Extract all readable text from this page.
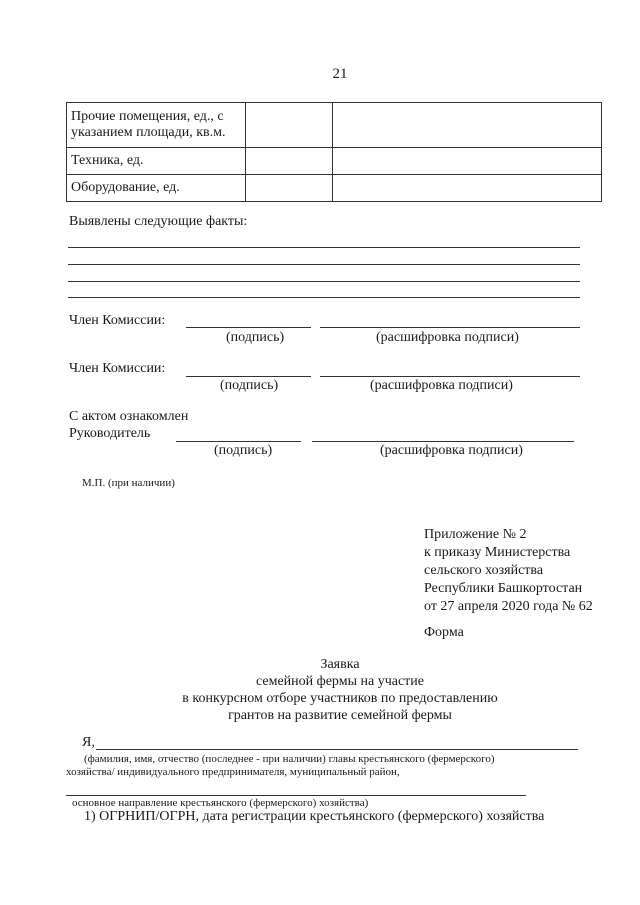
21
Прочие помещения, ед., с
указанием площади, кв.м.		

Техника, ед.		
Оборудование, ед.		
Выявлены следующие факты:
Член Комиссии:
(подпись)	(расшифровка подписи)
Член Комиссии:
(подпись)	(расшифровка подписи)
С актом ознакомлен
Руководитель
(подпись)	(расшифровка подписи)
М.П. (при наличии)
Приложение № 2
к приказу Министерства
сельского хозяйства
Республики Башкортостан
от 27 апреля 2020 года № 62
Форма
Заявка
семейной фермы на участие
в конкурсном отборе участников по предоставлению
грантов на развитие семейной фермы
Я,
(фамилия, имя, отчество (последнее - при наличии) главы крестьянского (фермерского)
хозяйства/ индивидуального предпринимателя, муниципальный район,
основное направление крестьянского (фермерского) хозяйства)
1) ОГРНИП/ОГРН, дата регистрации крестьянского (фермерского) хозяйства
